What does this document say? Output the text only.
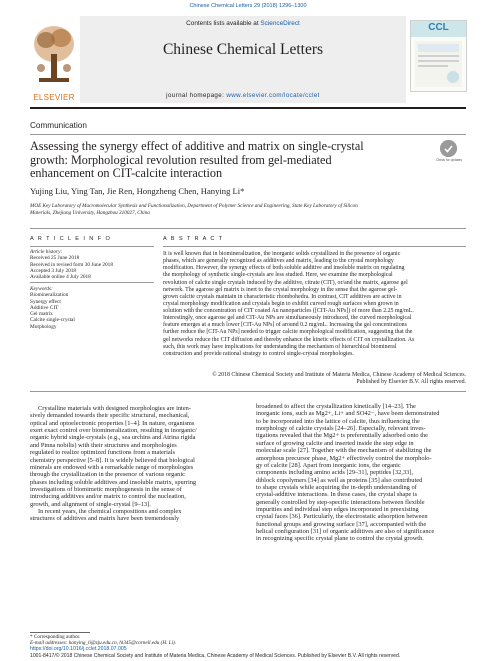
Chinese Chemical Letters 29 (2018) 1296–1300
ELSEVIER
Contents lists available at ScienceDirect
Chinese Chemical Letters
journal homepage: www.elsevier.com/locate/cclet
CCL
Communication
Assessing the synergy effect of additive and matrix on single-crystal
growth: Morphological revolution resulted from gel-mediated
enhancement on CIT-calcite interaction
Check for updates
Yujing Liu, Ying Tan, Jie Ren, Hongzheng Chen, Hanying Li*
MOE Key Laboratory of Macromolecular Synthesis and Functionalization, Department of Polymer Science and Engineering, State Key Laboratory of Silicon
Materials, Zhejiang University, Hangzhou 310027, China
A R T I C L E I N F O	A B S T R A C T
Article history:
Received 25 June 2018
Received in revised form 30 June 2018
Accepted 3 July 2018
Available online 4 July 2018
Keywords:
Biomineralization
Synergy effect
Additive CIT
Gel matrix
Calcite single-crystal
Morphology
It is well known that in biomineralization, the inorganic solids crystallized in the presence of organic
phases, which are generally recognized as additives and matrix, leading to the crystal morphology
modification. However, the synergy effects of both soluble additive and insoluble matrix on regulating
the morphology of synthetic single-crystals are less studied. Here, we examine the morphological
revolution of calcite single crystals induced by the additive, citrate (CIT), or/and the matrix, agarose gel
network. The agarose gel matrix is inert to the crystal morphology in the sense that the agarose gel-
grown calcite crystals maintain in characteristic rhombohedra. In contrast, CIT additives are active in
crystal morphology modification and crystals begin to exhibit curved rough surfaces when grown in
solution with the concentration of CIT coated Au nanoparticles ([CIT-Au NPs]) of more than 2.25 mg/mL.
Interestingly, once agarose gel and CIT-Au NPs are simultaneously introduced, the curved morphological
feature emerges at a much lower [CIT-Au NPs] of around 0.2 mg/mL. Increasing the gel concentrations
further reduce the [CIT-Au NPs] needed to trigger calcite morphological modification, suggesting that the
gel networks reduce the CIT diffusion and thereby enhance the kinetic effects of CIT on crystallization. As
such, this work may have implications for understanding the mechanism of hierarchical biomineral
construction and provide rational strategy to control single-crystal morphologies.
© 2018 Chinese Chemical Society and Institute of Materia Medica, Chinese Academy of Medical Sciences.
Published by Elsevier B.V. All rights reserved.
Crystalline materials with designed morphologies are inten-
sively demanded towards their specific structural, mechanical,
optical and optoelectronic properties [1–4]. In nature, organisms
exert exact control over biomineralization, resulting in inorganic/
organic hybrid single-crystals (e.g., sea urchins and Atrina rigida
and Pinna nobilis) with their structures and morphologies
regulated to realize optimized functions from a materials
chemistry perspective [5–8]. It is widely believed that biological
minerals are endowed with a remarkable range of morphologies
through the crystallization in the presence of various organic
phases including soluble additives and insoluble matrix, spurring
investigations of biomimetic morphogenesis in the sense of
introducing additives and/or matrix to control the nucleation,
growth, and alignment of single-crystal [9–13].
In recent years, the chemical compositions and complex
structures of additives and matrix have been tremendously
broadened to affect the crystallization kinetically [14–23]. The
inorganic ions, such as Mg2+, Li+ and SO42−, have been demonstrated
to be incorporated into the lattice of calcite, thus influencing the
morphology of calcite crystals [24–26]. Especially, relevant inves-
tigations revealed that the Mg2+ is preferentially adsorbed onto the
surface of growing calcite and inserted inside the step edge in
molecular scale [27]. Together with the mechanism of stabilizing the
amorphous precursor phase, Mg2+ effectively control the morpholo-
gy of calcite [28]. Apart from inorganic ions, the organic
components including amino acids [29–31], peptides [32,33],
diblock copolymers [34] as well as proteins [35] also contributed
to shape crystals while acquiring the in-depth understanding of
crystal-additive interactions. In these cases, the crystal shape is
generally controlled by step-specific interactions between flexible
impurities and individual step edges incorporated in preexisting
crystal faces [36]. Particularly, the electrostatic adsorption between
functional groups and growing surface [37], accompanied with the
helical configuration [31] of organic additives are also of significance
in recognizing specific crystal plane to control the crystal growth.
* Corresponding author.
E-mail addresses: hanying_li@zju.edu.cn, hl345@cornell.edu (H. Li).
https://doi.org/10.1016/j.cclet.2018.07.005
1001-8417/© 2018 Chinese Chemical Society and Institute of Materia Medica, Chinese Academy of Medical Sciences. Published by Elsevier B.V. All rights reserved.
